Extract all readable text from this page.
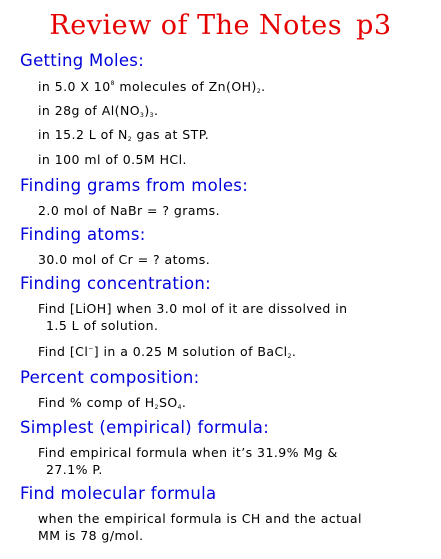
Review of The Notes p3
Getting Moles:
in 5.0 X $10^8$ molecules of $Zn(OH)_2$.
in 28g of $Al(NO_3)_3$.
in 15.2 L of $N_2$ gas at STP.
in 100 ml of 0.5M HCl.
Finding grams from moles:
2.0 mol of NaBr = ? grams.
Finding atoms:
30.0 mol of Cr = ? atoms.
Finding concentration:
Find [LiOH] when 3.0 mol of it are dissolved in
1.5 L of solution.
Find [Cl−] in a 0.25 M solution of BaCl$_2$.
Percent composition:
Find % comp of $H_2SO_4$.
Simplest (empirical) formula:
Find empirical formula when it’s 31.9% Mg &
27.1% P.
Find molecular formula
when the empirical formula is CH and the actual
MM is 78 g/mol.
